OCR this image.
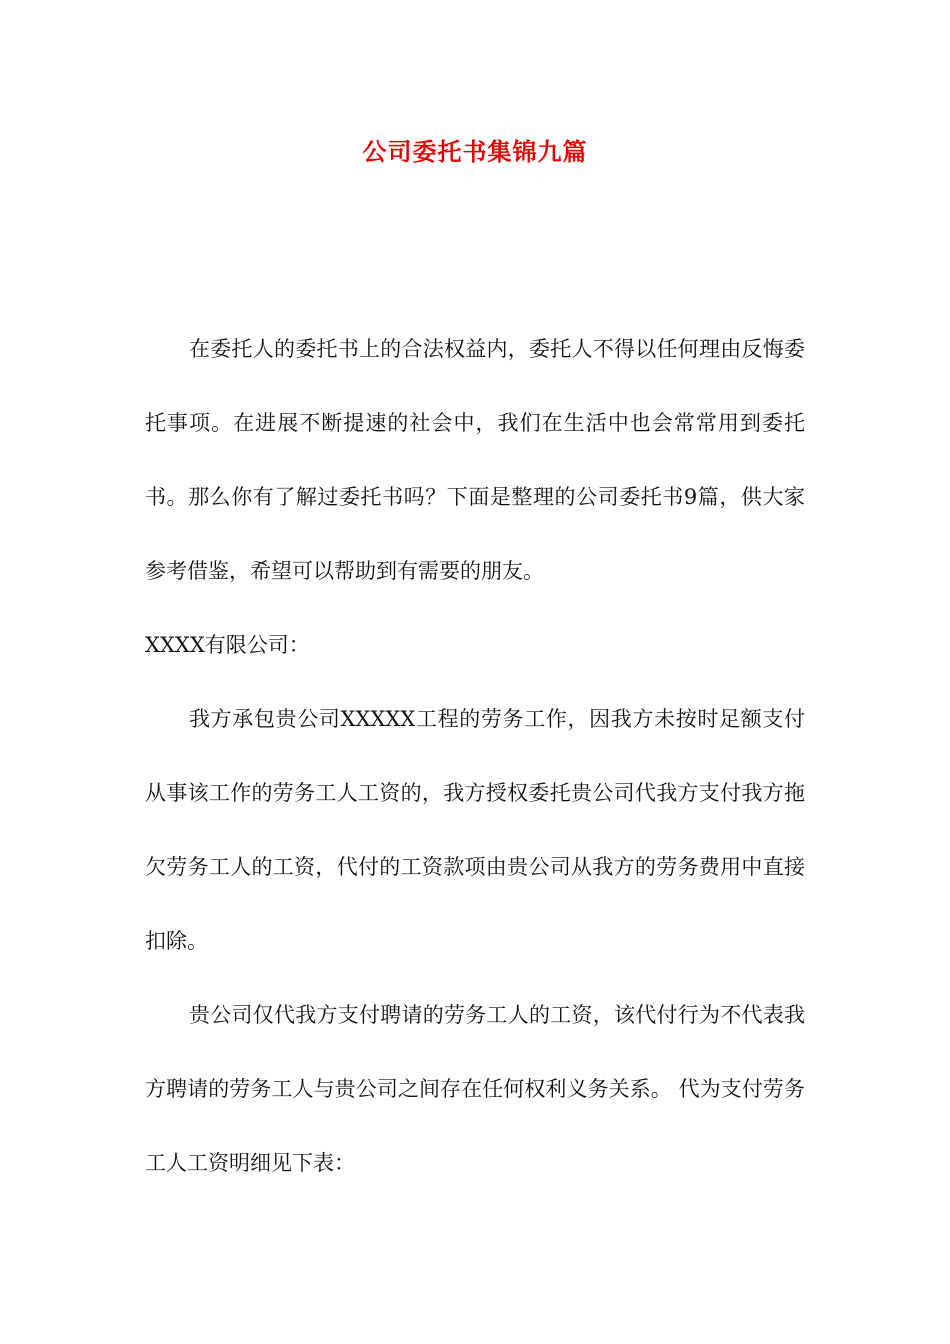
公司委托书集锦九篇

在委托人的委托书上的合法权益内，委托人不得以任何理由反悔委托事项。在进展不断提速的社会中，我们在生活中也会常常用到委托书。那么你有了解过委托书吗？下面是整理的公司委托书9篇，供大家参考借鉴，希望可以帮助到有需要的朋友。

XXXX有限公司：

我方承包贵公司XXXXX工程的劳务工作，因我方未按时足额支付从事该工作的劳务工人工资的，我方授权委托贵公司代我方支付我方拖欠劳务工人的工资，代付的工资款项由贵公司从我方的劳务费用中直接扣除。

贵公司仅代我方支付聘请的劳务工人的工资，该代付行为不代表我方聘请的劳务工人与贵公司之间存在任何权利义务关系。 代为支付劳务工人工资明细见下表：
